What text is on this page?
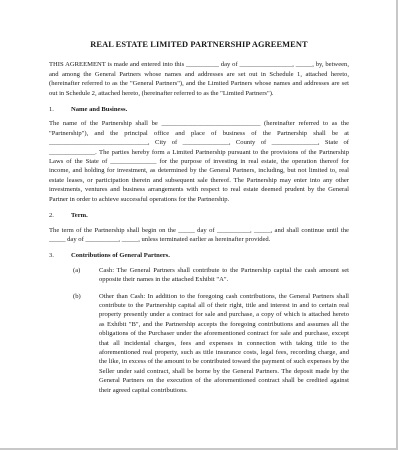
REAL ESTATE LIMITED PARTNERSHIP AGREEMENT

THIS AGREEMENT is made and entered into this __________ day of ________________, _____, by, between, and among the General Partners whose names and addresses are set out in Schedule 1, attached hereto, (hereinafter referred to as the "General Partners"), and the Limited Partners whose names and addresses are set out in Schedule 2, attached hereto, (hereinafter referred to as the "Limited Partners").

1.	Name and Business.

The name of the Partnership shall be ______________________________ (hereinafter referred to as the "Partnership"), and the principal office and place of business of the Partnership shall be at ______________________________, City of ______________, County of ______________, State of ______________. The parties hereby form a Limited Partnership pursuant to the provisions of the Partnership Laws of the State of ______________ for the purpose of investing in real estate, the operation thereof for income, and holding for investment, as determined by the General Partners, including, but not limited to, real estate leases, or participation therein and subsequent sale thereof. The Partnership may enter into any other investments, ventures and business arrangements with respect to real estate deemed prudent by the General Partner in order to achieve successful operations for the Partnership.

2.	Term.

The term of the Partnership shall begin on the _____ day of __________, _____, and shall continue until the _____ day of __________, _____, unless terminated earlier as hereinafter provided.

3.	Contributions of General Partners.
(a)	Cash: The General Partners shall contribute to the Partnership capital the cash amount set opposite their names in the attached Exhibit "A".

(b)	Other than Cash: In addition to the foregoing cash contributions, the General Partners shall contribute to the Partnership capital all of their right, title and interest in and to certain real property presently under a contract for sale and purchase, a copy of which is attached hereto as Exhibit "B", and the Partnership accepts the foregoing contributions and assumes all the obligations of the Purchaser under the aforementioned contract for sale and purchase, except that all incidental charges, fees and expenses in connection with taking title to the aforementioned real property, such as title insurance costs, legal fees, recording charge, and the like, in excess of the amount to be contributed toward the payment of such expenses by the Seller under said contract, shall be borne by the General Partners. The deposit made by the General Partners on the execution of the aforementioned contract shall be credited against their agreed capital contributions.
